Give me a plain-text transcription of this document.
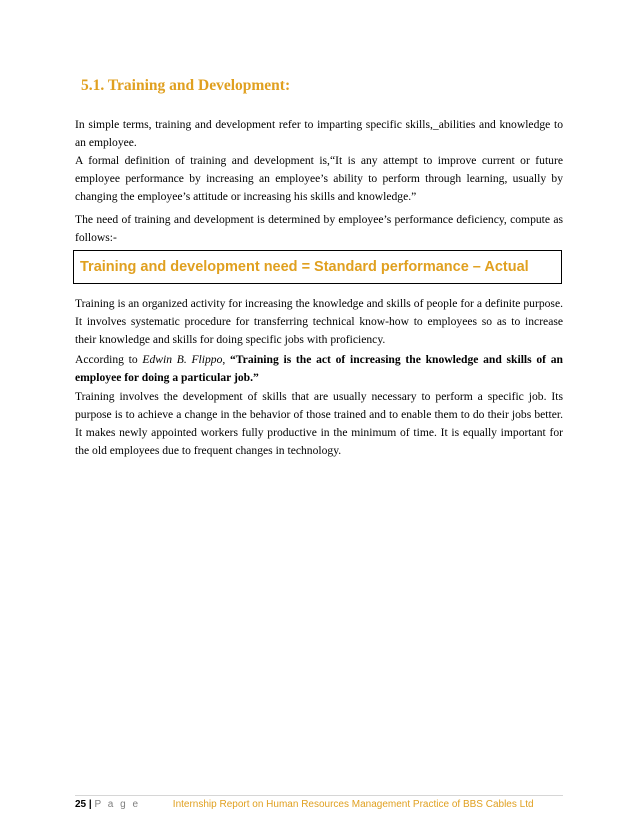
5.1. Training and Development:

In simple terms, training and development refer to imparting specific skills,_abilities and knowledge to an employee.

A formal definition of training and development is,“It is any attempt to improve current or future employee performance by increasing an employee’s ability to perform through learning, usually by changing the employee’s attitude or increasing his skills and knowledge.”

The need of training and development is determined by employee’s performance deficiency, compute as follows:-

Training and development need = Standard performance – Actual

Training is an organized activity for increasing the knowledge and skills of people for a definite purpose. It involves systematic procedure for transferring technical know-how to employees so as to increase their knowledge and skills for doing specific jobs with proficiency.

According to Edwin B. Flippo, “Training is the act of increasing the knowledge and skills of an employee for doing a particular job.”

Training involves the development of skills that are usually necessary to perform a specific job. Its purpose is to achieve a change in the behavior of those trained and to enable them to do their jobs better. It makes newly appointed workers fully productive in the minimum of time. It is equally important for the old employees due to frequent changes in technology.

25 | P a g e	Internship Report on Human Resources Management Practice of BBS Cables Ltd
